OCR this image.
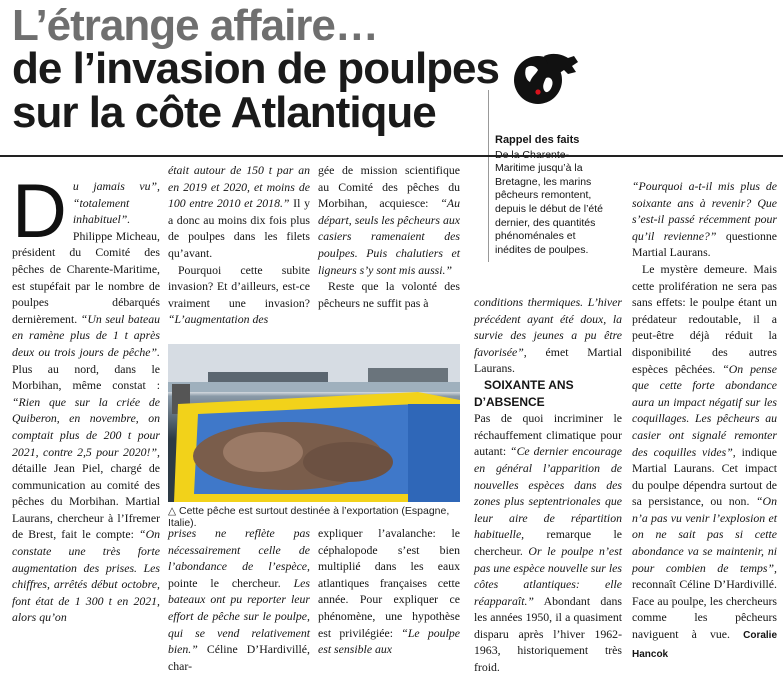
L’étrange affaire…
de l’invasion de poulpes
sur la côte Atlantique
Rappel des faits
Maritime jusqu’à la
Bretagne, les marins
pêcheurs remontent,
depuis le début de l’été
dernier, des quantités
phénoménales et
inédites de poulpes.

D u jamais vu”, “totalement inhabituel”. Philippe Micheau, président du Comité des pêches de Charente-Maritime, est stupéfait par le nombre de poulpes débarqués dernièrement. “Un seul bateau en ramène plus de 1 t après deux ou trois jours de pêche”. Plus au nord, dans le Morbihan, même constat : “Rien que sur la criée de Quiberon, en novembre, on comptait plus de 200 t pour 2021, contre 2,5 pour 2020!”, détaille Jean Piel, chargé de communication au comité des pêches du Morbihan. Martial Laurans, chercheur à l’Ifremer de Brest, fait le compte: “On constate une très forte augmentation des prises. Les chiffres, arrêtés début octobre, font état de 1 300 t en 2021, alors qu’on

était autour de 150 t par an en 2019 et 2020, et moins de 100 entre 2010 et 2018.” Il y a donc au moins dix fois plus de poulpes dans les filets qu’avant.

Pourquoi cette subite invasion? Et d’ailleurs, est-ce vraiment une invasion? “L’augmentation des

gée de mission scientifique au Comité des pêches du Morbihan, acquiesce: “Au départ, seuls les pêcheurs aux casiers ramenaient des poulpes. Puis chalutiers et ligneurs s’y sont mis aussi.”

Reste que la volonté des pêcheurs ne suffit pas à

△ Cette pêche est surtout destinée à l’exportation (Espagne, Italie).

prises ne reflète pas nécessairement celle de l’abondance de l’espèce, pointe le chercheur. Les bateaux ont pu reporter leur effort de pêche sur le poulpe, qui se vend relativement bien.” Céline D’Hardivillé, char-

expliquer l’avalanche: le céphalopode s’est bien multiplié dans les eaux atlantiques françaises cette année. Pour expliquer ce phénomène, une hypothèse est privilégiée: “Le poulpe est sensible aux

conditions thermiques. L’hiver précédent ayant été doux, la survie des jeunes a pu être favorisée”, émet Martial Laurans.

SOIXANTE ANS D’ABSENCE

Pas de quoi incriminer le réchauffement climatique pour autant: “Ce dernier encourage en général l’apparition de nouvelles espèces dans des zones plus septentrionales que leur aire de répartition habituelle, remarque le chercheur. Or le poulpe n’est pas une espèce nouvelle sur les côtes atlantiques: elle réapparaît.” Abondant dans les années 1950, il a quasiment disparu après l’hiver 1962-1963, historiquement très froid.

“Pourquoi a-t-il mis plus de soixante ans à revenir? Que s’est-il passé récemment pour qu’il revienne?” questionne Martial Laurans.

Le mystère demeure. Mais cette prolifération ne sera pas sans effets: le poulpe étant un prédateur redoutable, il a peut-être déjà réduit la disponibilité des autres espèces pêchées. “On pense que cette forte abondance aura un impact négatif sur les coquillages. Les pêcheurs au casier ont signalé remonter des coquilles vides”, indique Martial Laurans. Cet impact du poulpe dépendra surtout de sa persistance, ou non. “On n’a pas vu venir l’explosion et on ne sait pas si cette abondance va se maintenir, ni pour combien de temps”, reconnaît Céline D’Hardivillé. Face au poulpe, les chercheurs comme les pêcheurs naviguent à vue. Coralie Hancok
